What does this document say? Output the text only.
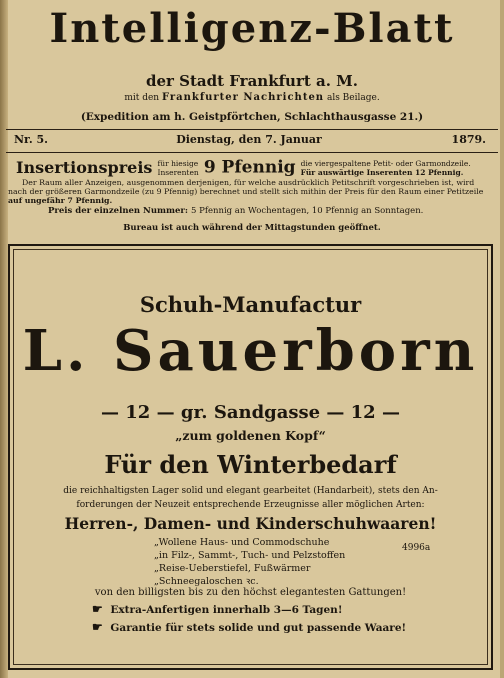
Intelligenz-Blatt
der Stadt Frankfurt a. M.
mit den Frankfurter Nachrichten als Beilage.
(Expedition am h. Geistpförtchen, Schlachthausgasse 21.)
Nr. 5.	Dienstag, den 7. Januar	1879.
Insertionspreis für hiesige
Inserenten 9 Pfennig die viergespaltene Petit- oder Garmondzeile.
Für auswärtige Inserenten 12 Pfennig.
Der Raum aller Anzeigen, ausgenommen derjenigen, für welche ausdrücklich Petitschrift vorgeschrieben ist, wird
nach der größeren Garmondzeile (zu 9 Pfennig) berechnet und stellt sich mithin der Preis für den Raum einer Petitzeile
auf ungefähr 7 Pfennig.
Preis der einzelnen Nummer: 5 Pfennig an Wochentagen, 10 Pfennig an Sonntagen.
Bureau ist auch während der Mittagstunden geöffnet.
Schuh-Manufactur
L. Sauerborn
— 12 — gr. Sandgasse — 12 —
„zum goldenen Kopf“
Für den Winterbedarf
die reichhaltigsten Lager solid und elegant gearbeitet (Handarbeit), stets den An-
forderungen der Neuzeit entsprechende Erzeugnisse aller möglichen Arten:
Herren-, Damen- und Kinderschuhwaaren!
„Wollene Haus- und Commodschuhe
„in Filz-, Sammt-, Tuch- und Pelzstoffen
„Reise-Ueberstiefel, Fußwärmer
„Schneegaloschen ꝛc.
4996a
von den billigsten bis zu den höchst elegantesten Gattungen!
☛ Extra-Anfertigen innerhalb 3—6 Tagen!
☛ Garantie für stets solide und gut passende Waare!
